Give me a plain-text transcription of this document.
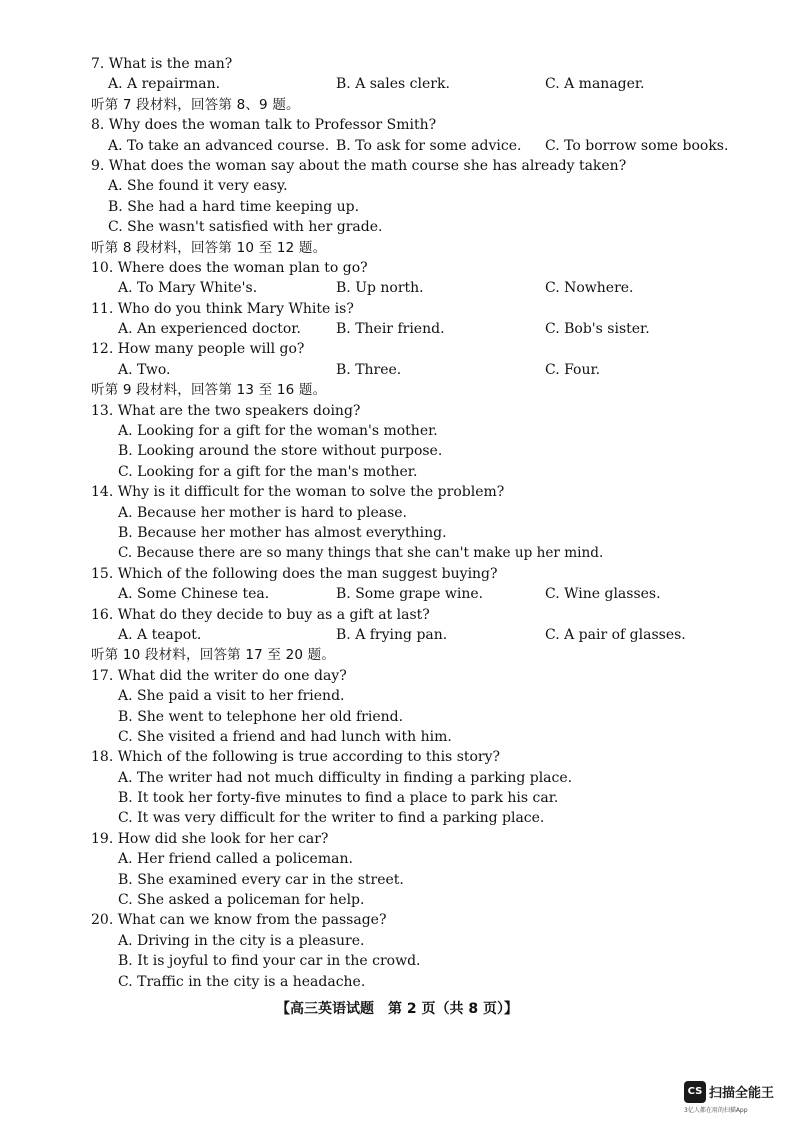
7. What is the man?
A. A repairman.	B. A sales clerk.	C. A manager.
听第 7 段材料，回答第 8、9 题。
8. Why does the woman talk to Professor Smith?
A. To take an advanced course. B. To ask for some advice. C. To borrow some books.
9. What does the woman say about the math course she has already taken?
A. She found it very easy.
B. She had a hard time keeping up.
C. She wasn't satisfied with her grade.
听第 8 段材料，回答第 10 至 12 题。
10. Where does the woman plan to go?
A. To Mary White's.	B. Up north.	C. Nowhere.
11. Who do you think Mary White is?
A. An experienced doctor.	B. Their friend.	C. Bob's sister.
12. How many people will go?
A. Two.	B. Three.	C. Four.
听第 9 段材料，回答第 13 至 16 题。
13. What are the two speakers doing?
A. Looking for a gift for the woman's mother.
B. Looking around the store without purpose.
C. Looking for a gift for the man's mother.
14. Why is it difficult for the woman to solve the problem?
A. Because her mother is hard to please.
B. Because her mother has almost everything.
C. Because there are so many things that she can't make up her mind.
15. Which of the following does the man suggest buying?
A. Some Chinese tea.	B. Some grape wine.	C. Wine glasses.
16. What do they decide to buy as a gift at last?
A. A teapot.	B. A frying pan.	C. A pair of glasses.
听第 10 段材料，回答第 17 至 20 题。
17. What did the writer do one day?
A. She paid a visit to her friend.
B. She went to telephone her old friend.
C. She visited a friend and had lunch with him.
18. Which of the following is true according to this story?
A. The writer had not much difficulty in finding a parking place.
B. It took her forty-five minutes to find a place to park his car.
C. It was very difficult for the writer to find a parking place.
19. How did she look for her car?
A. Her friend called a policeman.
B. She examined every car in the street.
C. She asked a policeman for help.
20. What can we know from the passage?
A. Driving in the city is a pleasure.
B. It is joyful to find your car in the crowd.
C. Traffic in the city is a headache.
【高三英语试题　第 2 页（共 8 页）】
CS 扫描全能王
3亿人都在用的扫描App
